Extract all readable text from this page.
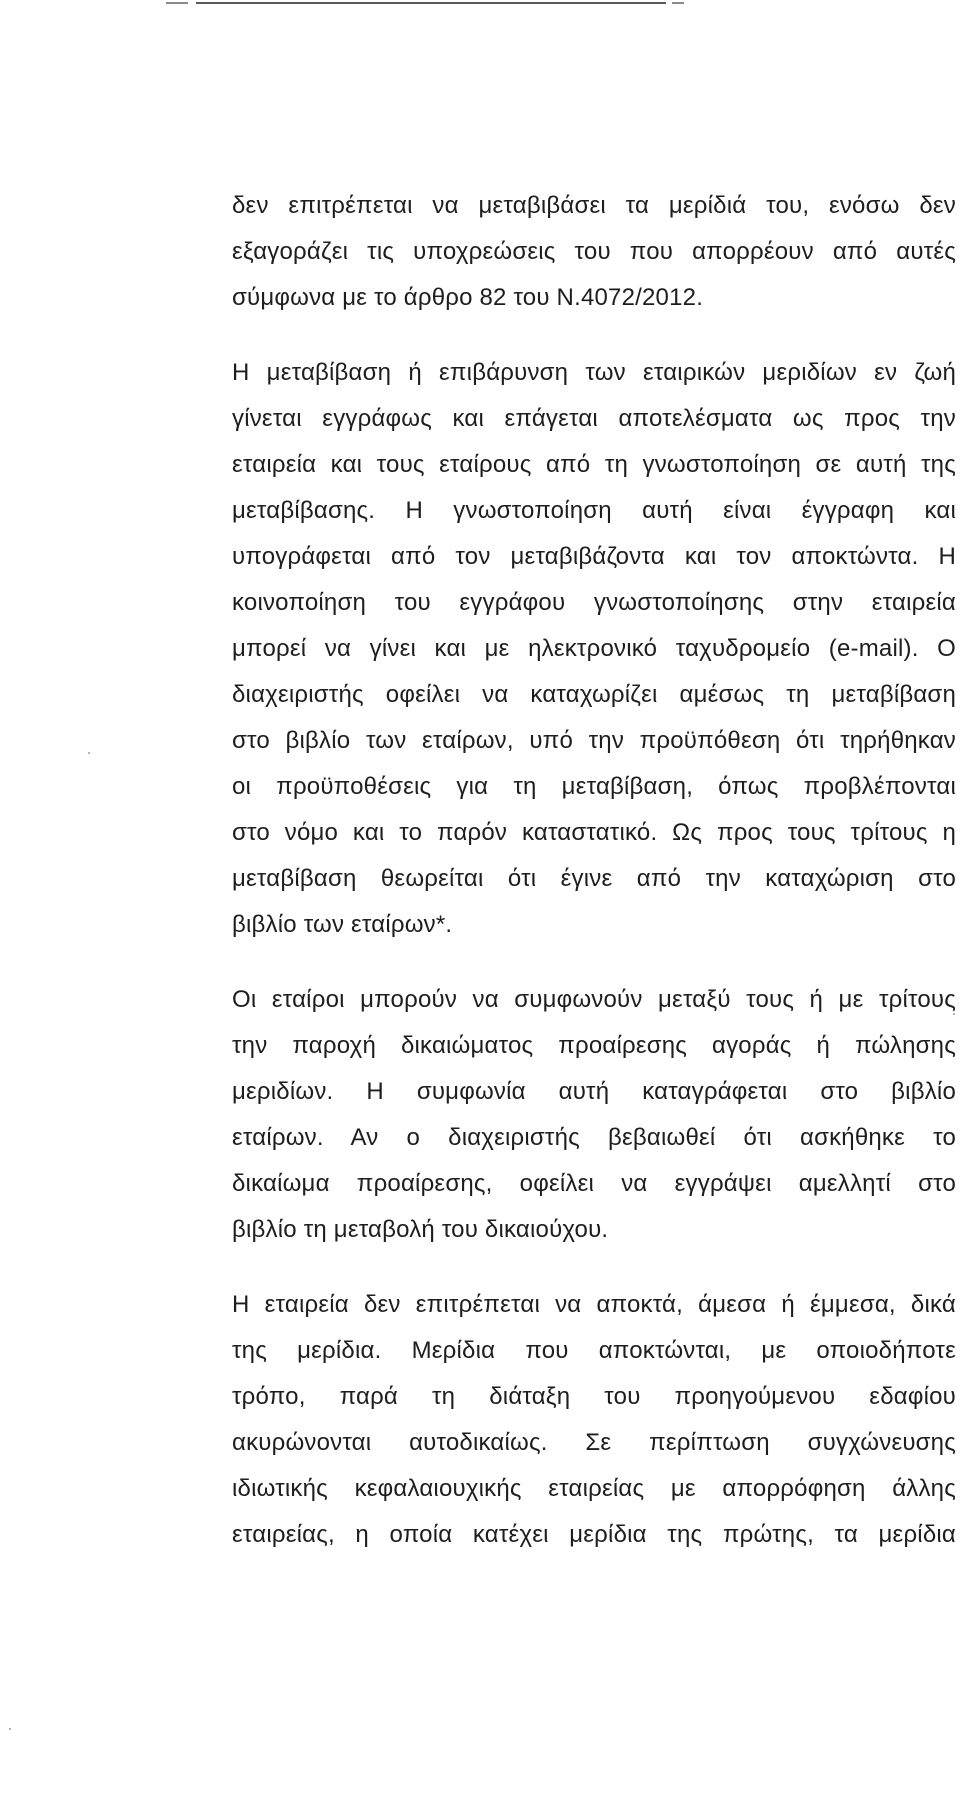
δεν επιτρέπεται να μεταβιβάσει τα μερίδιά του, ενόσω δεν
εξαγοράζει τις υποχρεώσεις του που απορρέουν από αυτές
σύμφωνα με το άρθρο 82 του Ν.4072/2012.

Η μεταβίβαση ή επιβάρυνση των εταιρικών μεριδίων εν ζωή
γίνεται εγγράφως και επάγεται αποτελέσματα ως προς την
εταιρεία και τους εταίρους από τη γνωστοποίηση σε αυτή της
μεταβίβασης. Η γνωστοποίηση αυτή είναι έγγραφη και
υπογράφεται από τον μεταβιβάζοντα και τον αποκτώντα. Η
κοινοποίηση του εγγράφου γνωστοποίησης στην εταιρεία
μπορεί να γίνει και με ηλεκτρονικό ταχυδρομείο (e-mail). Ο
διαχειριστής οφείλει να καταχωρίζει αμέσως τη μεταβίβαση
στο βιβλίο των εταίρων, υπό την προϋπόθεση ότι τηρήθηκαν
οι προϋποθέσεις για τη μεταβίβαση, όπως προβλέπονται
στο νόμο και το παρόν καταστατικό. Ως προς τους τρίτους η
μεταβίβαση θεωρείται ότι έγινε από την καταχώριση στο
βιβλίο των εταίρων*.

Οι εταίροι μπορούν να συμφωνούν μεταξύ τους ή με τρίτους
την παροχή δικαιώματος προαίρεσης αγοράς ή πώλησης
μεριδίων. Η συμφωνία αυτή καταγράφεται στο βιβλίο
εταίρων. Αν ο διαχειριστής βεβαιωθεί ότι ασκήθηκε το
δικαίωμα προαίρεσης, οφείλει να εγγράψει αμελλητί στο
βιβλίο τη μεταβολή του δικαιούχου.

Η εταιρεία δεν επιτρέπεται να αποκτά, άμεσα ή έμμεσα, δικά
της μερίδια. Μερίδια που αποκτώνται, με οποιοδήποτε
τρόπο, παρά τη διάταξη του προηγούμενου εδαφίου
ακυρώνονται αυτοδικαίως. Σε περίπτωση συγχώνευσης
ιδιωτικής κεφαλαιουχικής εταιρείας με απορρόφηση άλλης
εταιρείας, η οποία κατέχει μερίδια της πρώτης, τα μερίδια
